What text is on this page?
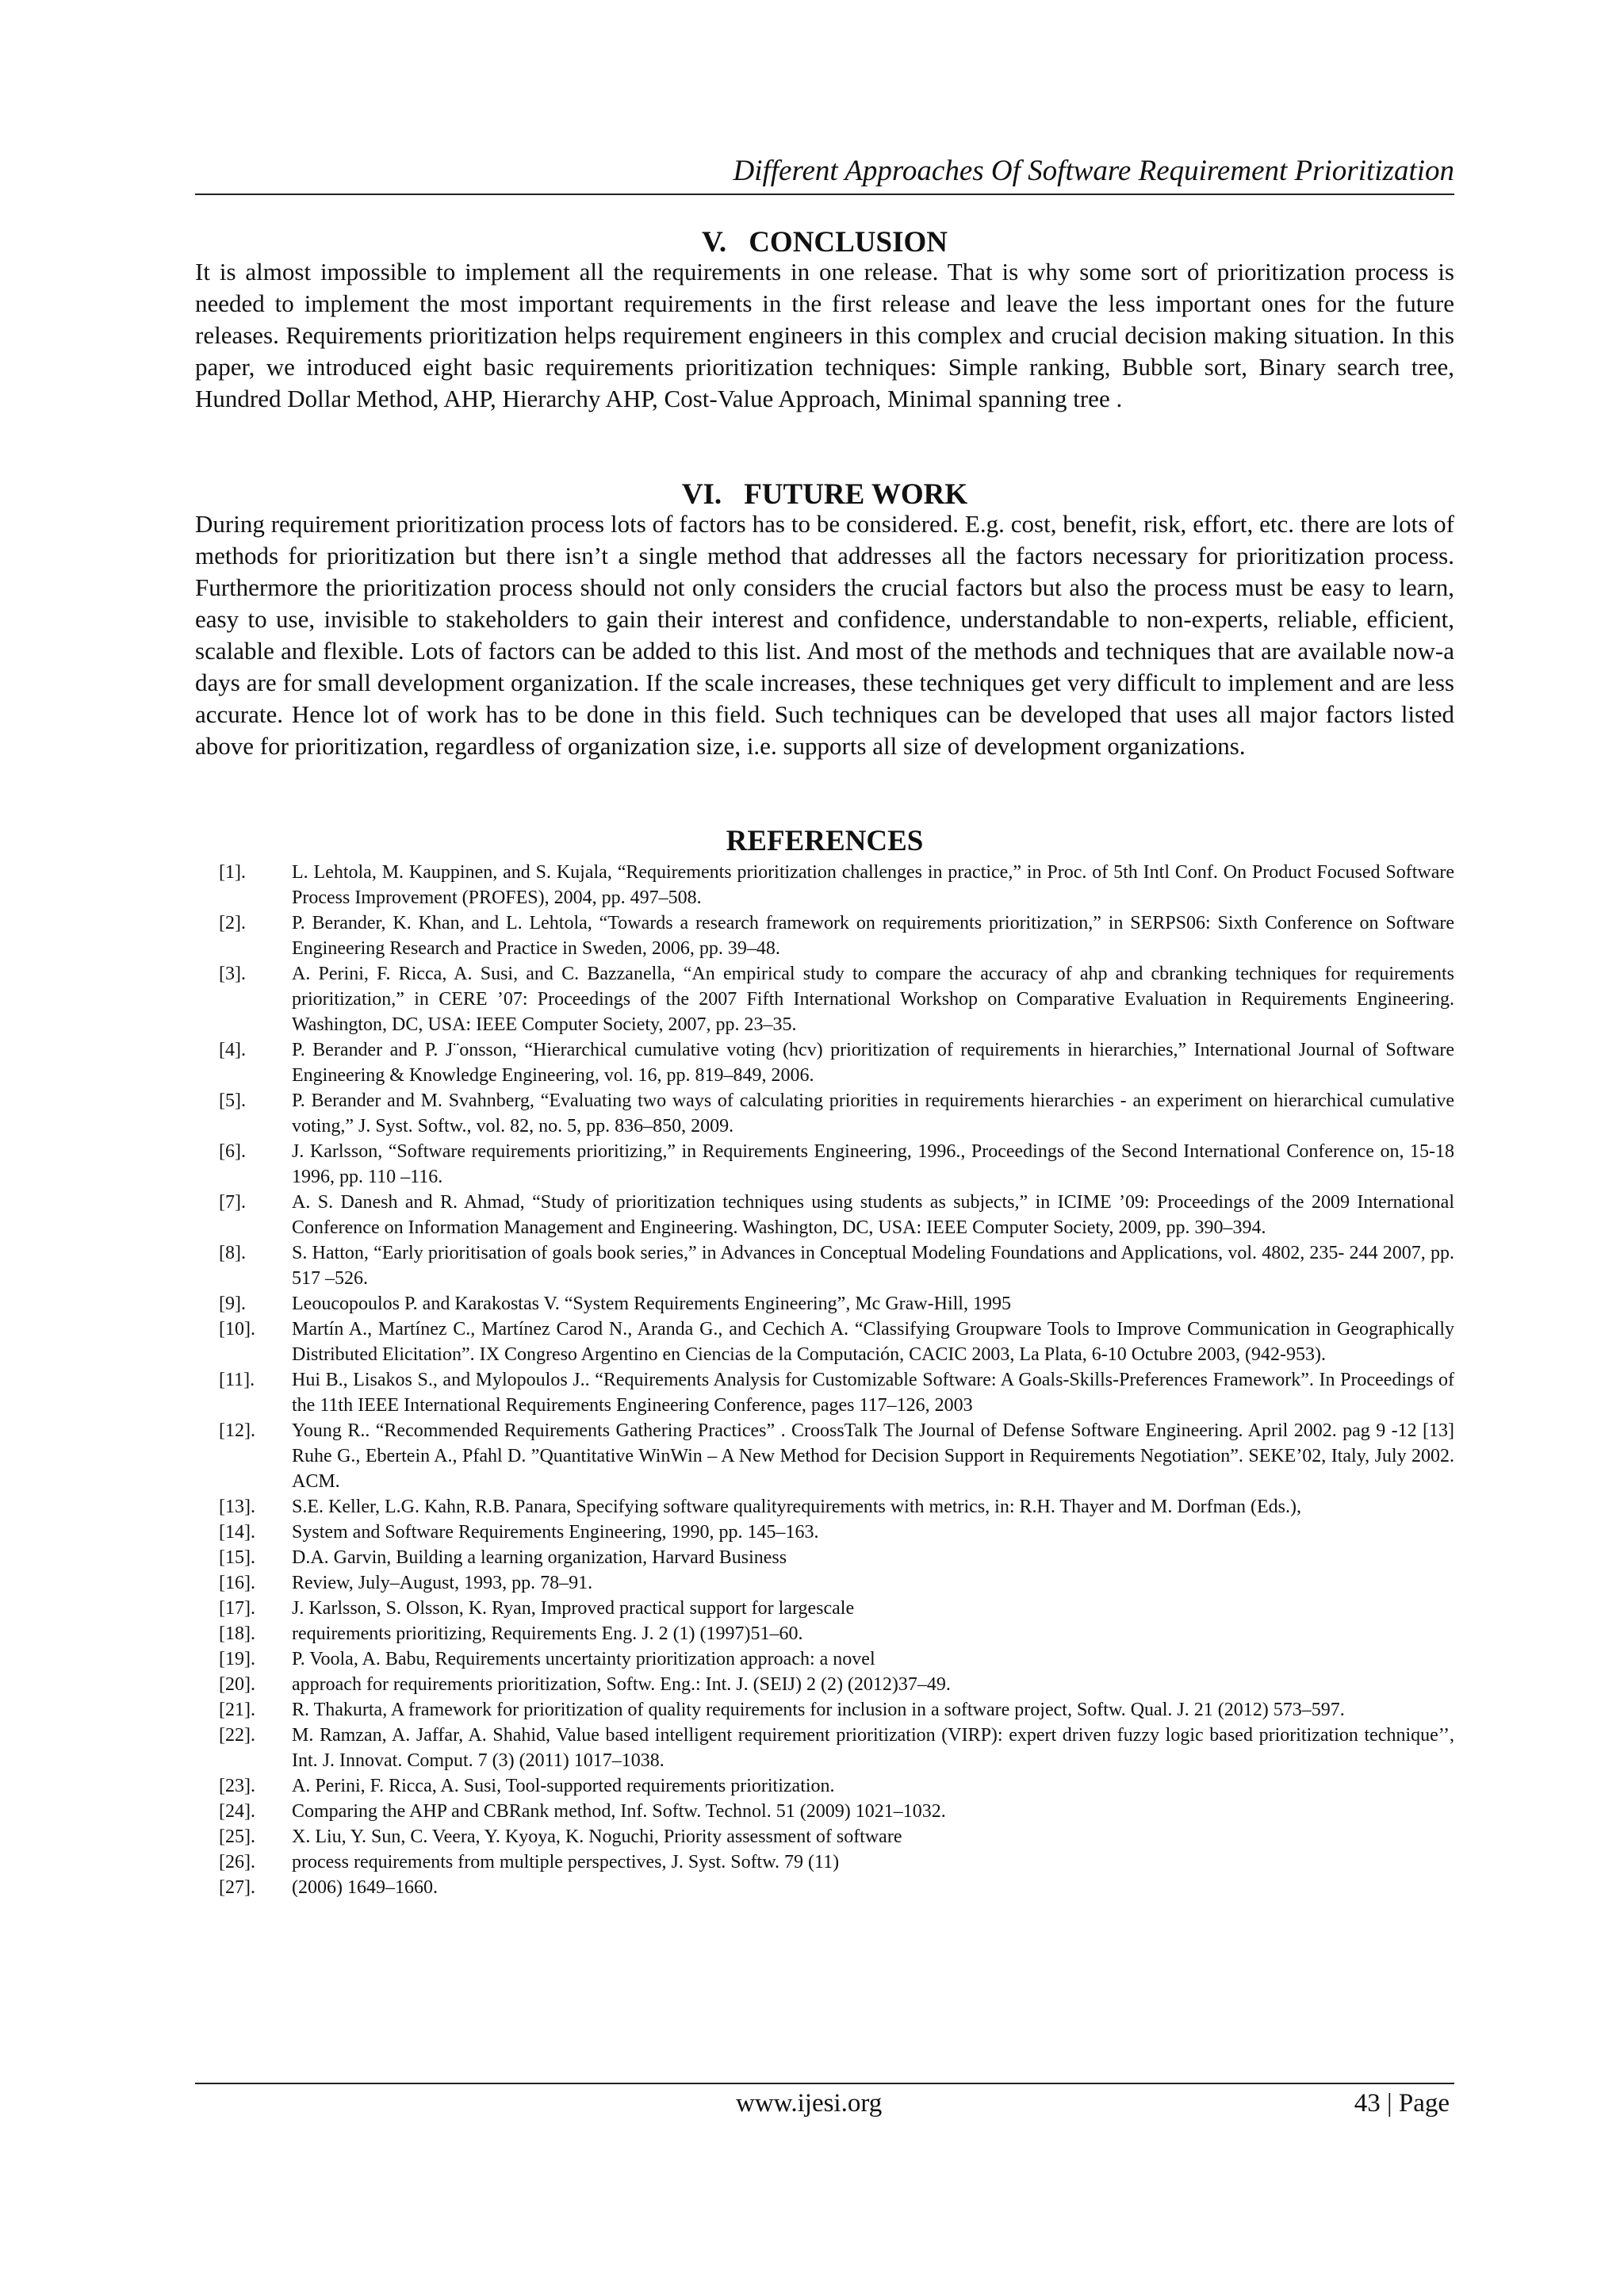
Different Approaches Of Software Requirement Prioritization
V. CONCLUSION

It is almost impossible to implement all the requirements in one release. That is why some sort of prioritization process is needed to implement the most important requirements in the first release and leave the less important ones for the future releases. Requirements prioritization helps requirement engineers in this complex and crucial decision making situation. In this paper, we introduced eight basic requirements prioritization techniques: Simple ranking, Bubble sort, Binary search tree, Hundred Dollar Method, AHP, Hierarchy AHP, Cost-Value Approach, Minimal spanning tree .

VI. FUTURE WORK

During requirement prioritization process lots of factors has to be considered. E.g. cost, benefit, risk, effort, etc. there are lots of methods for prioritization but there isn’t a single method that addresses all the factors necessary for prioritization process. Furthermore the prioritization process should not only considers the crucial factors but also the process must be easy to learn, easy to use, invisible to stakeholders to gain their interest and confidence, understandable to non-experts, reliable, efficient, scalable and flexible. Lots of factors can be added to this list. And most of the methods and techniques that are available now-a days are for small development organization. If the scale increases, these techniques get very difficult to implement and are less accurate. Hence lot of work has to be done in this field. Such techniques can be developed that uses all major factors listed above for prioritization, regardless of organization size, i.e. supports all size of development organizations.

REFERENCES
[1]. L. Lehtola, M. Kauppinen, and S. Kujala, “Requirements prioritization challenges in practice,” in Proc. of 5th Intl Conf. On Product Focused Software Process Improvement (PROFES), 2004, pp. 497–508.
[2]. P. Berander, K. Khan, and L. Lehtola, “Towards a research framework on requirements prioritization,” in SERPS06: Sixth Conference on Software Engineering Research and Practice in Sweden, 2006, pp. 39–48.
[3]. A. Perini, F. Ricca, A. Susi, and C. Bazzanella, “An empirical study to compare the accuracy of ahp and cbranking techniques for requirements prioritization,” in CERE ’07: Proceedings of the 2007 Fifth International Workshop on Comparative Evaluation in Requirements Engineering. Washington, DC, USA: IEEE Computer Society, 2007, pp. 23–35.
[4]. P. Berander and P. J¨onsson, “Hierarchical cumulative voting (hcv) prioritization of requirements in hierarchies,” International Journal of Software Engineering & Knowledge Engineering, vol. 16, pp. 819–849, 2006.
[5]. P. Berander and M. Svahnberg, “Evaluating two ways of calculating priorities in requirements hierarchies - an experiment on hierarchical cumulative voting,” J. Syst. Softw., vol. 82, no. 5, pp. 836–850, 2009.
[6]. J. Karlsson, “Software requirements prioritizing,” in Requirements Engineering, 1996., Proceedings of the Second International Conference on, 15-18 1996, pp. 110 –116.
[7]. A. S. Danesh and R. Ahmad, “Study of prioritization techniques using students as subjects,” in ICIME ’09: Proceedings of the 2009 International Conference on Information Management and Engineering. Washington, DC, USA: IEEE Computer Society, 2009, pp. 390–394.
[8]. S. Hatton, “Early prioritisation of goals book series,” in Advances in Conceptual Modeling Foundations and Applications, vol. 4802, 235- 244 2007, pp. 517 –526.
[9]. Leoucopoulos P. and Karakostas V. “System Requirements Engineering”, Mc Graw-Hill, 1995
[10]. Martín A., Martínez C., Martínez Carod N., Aranda G., and Cechich A. “Classifying Groupware Tools to Improve Communication in Geographically Distributed Elicitation”. IX Congreso Argentino en Ciencias de la Computación, CACIC 2003, La Plata, 6-10 Octubre 2003, (942-953).
[11]. Hui B., Lisakos S., and Mylopoulos J.. “Requirements Analysis for Customizable Software: A Goals-Skills-Preferences Framework”. In Proceedings of the 11th IEEE International Requirements Engineering Conference, pages 117–126, 2003
[12]. Young R.. “Recommended Requirements Gathering Practices” . CroossTalk The Journal of Defense Software Engineering. April 2002. pag 9 -12 [13] Ruhe G., Ebertein A., Pfahl D. ”Quantitative WinWin – A New Method for Decision Support in Requirements Negotiation”. SEKE’02, Italy, July 2002. ACM.
[13]. S.E. Keller, L.G. Kahn, R.B. Panara, Specifying software qualityrequirements with metrics, in: R.H. Thayer and M. Dorfman (Eds.),
[14]. System and Software Requirements Engineering, 1990, pp. 145–163.
[15]. D.A. Garvin, Building a learning organization, Harvard Business
[16]. Review, July–August, 1993, pp. 78–91.
[17]. J. Karlsson, S. Olsson, K. Ryan, Improved practical support for largescale
[18]. requirements prioritizing, Requirements Eng. J. 2 (1) (1997)51–60.
[19]. P. Voola, A. Babu, Requirements uncertainty prioritization approach: a novel
[20]. approach for requirements prioritization, Softw. Eng.: Int. J. (SEIJ) 2 (2) (2012)37–49.
[21]. R. Thakurta, A framework for prioritization of quality requirements for inclusion in a software project, Softw. Qual. J. 21 (2012) 573–597.
[22]. M. Ramzan, A. Jaffar, A. Shahid, Value based intelligent requirement prioritization (VIRP): expert driven fuzzy logic based prioritization technique’’, Int. J. Innovat. Comput. 7 (3) (2011) 1017–1038.
[23]. A. Perini, F. Ricca, A. Susi, Tool-supported requirements prioritization.
[24]. Comparing the AHP and CBRank method, Inf. Softw. Technol. 51 (2009) 1021–1032.
[25]. X. Liu, Y. Sun, C. Veera, Y. Kyoya, K. Noguchi, Priority assessment of software
[26]. process requirements from multiple perspectives, J. Syst. Softw. 79 (11)
[27]. (2006) 1649–1660.
www.ijesi.org	43 | Page
